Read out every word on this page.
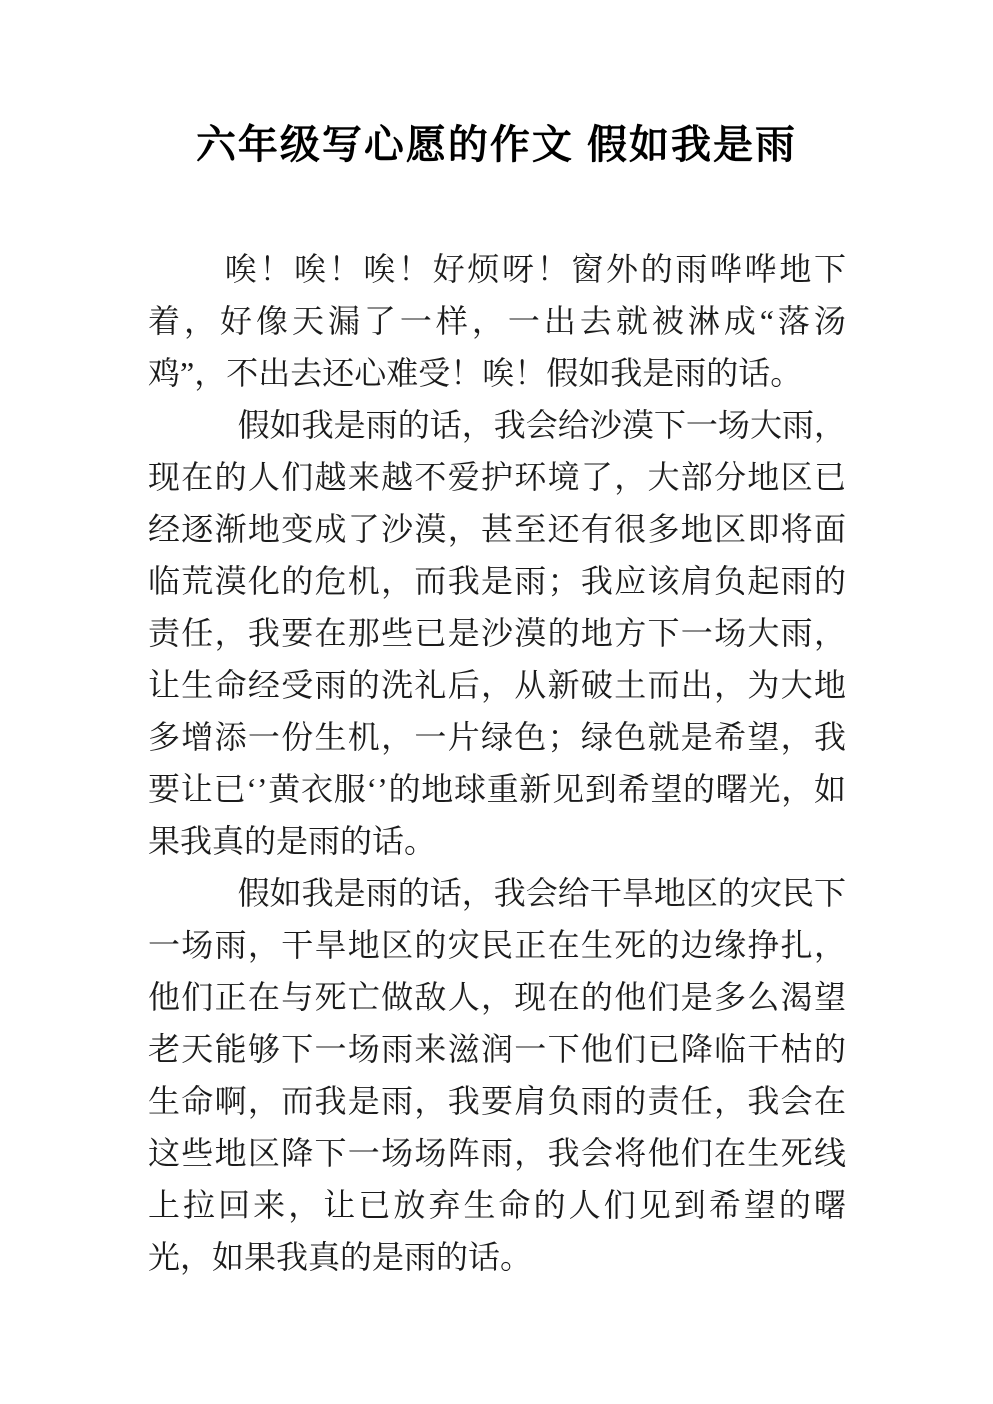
六年级写心愿的作文 假如我是雨

唉！唉！唉！好烦呀！窗外的雨哗哗地下着，好像天漏了一样，一出去就被淋成“落汤鸡”，不出去还心难受！唉！假如我是雨的话。

假如我是雨的话，我会给沙漠下一场大雨，现在的人们越来越不爱护环境了，大部分地区已经逐渐地变成了沙漠，甚至还有很多地区即将面临荒漠化的危机，而我是雨；我应该肩负起雨的责任，我要在那些已是沙漠的地方下一场大雨，让生命经受雨的洗礼后，从新破土而出，为大地多增添一份生机，一片绿色；绿色就是希望，我要让已‘’黄衣服‘’的地球重新见到希望的曙光，如果我真的是雨的话。

假如我是雨的话，我会给干旱地区的灾民下一场雨，干旱地区的灾民正在生死的边缘挣扎，他们正在与死亡做敌人，现在的他们是多么渴望老天能够下一场雨来滋润一下他们已降临干枯的生命啊，而我是雨，我要肩负雨的责任，我会在这些地区降下一场场阵雨，我会将他们在生死线上拉回来，让已放弃生命的人们见到希望的曙光，如果我真的是雨的话。
